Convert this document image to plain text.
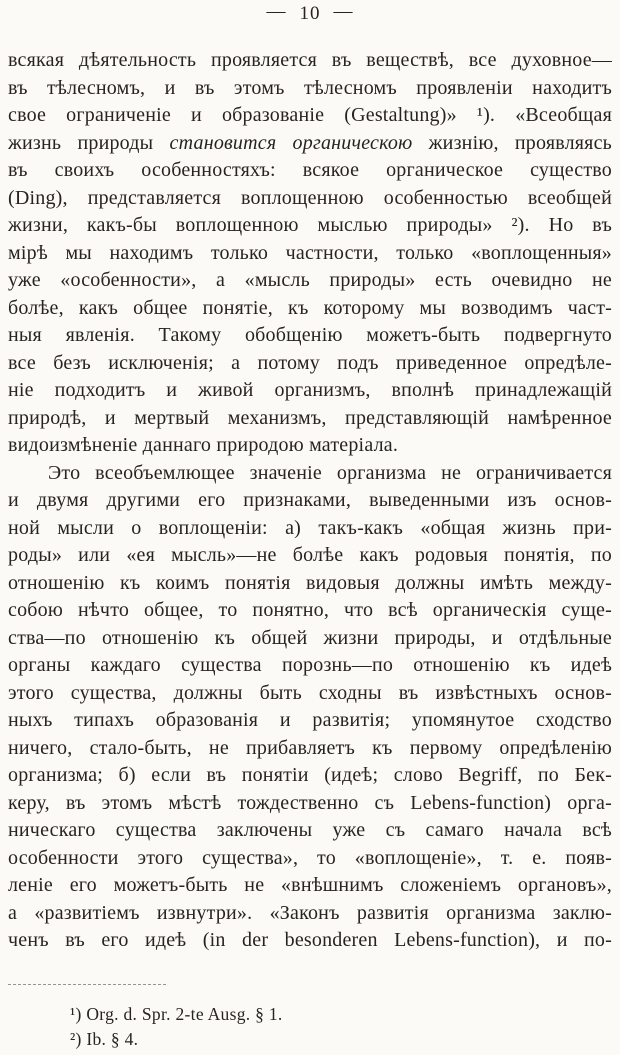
— 10 —
всякая дѣятельность проявляется въ веществѣ, все духовное—
въ тѣлесномъ, и въ этомъ тѣлесномъ проявленіи находитъ
свое ограниченіе и образованіе (Gestaltung)» ¹). «Всеобщая
жизнь природы становится органическою жизнію, проявляясь
въ своихъ особенностяхъ: всякое органическое существо
(Ding), представляется воплощенною особенностью всеобщей
жизни, какъ-бы воплощенною мыслью природы» ²). Но въ
мірѣ мы находимъ только частности, только «воплощенныя»
уже «особенности», а «мысль природы» есть очевидно не
болѣе, какъ общее понятіе, къ которому мы возводимъ част-
ныя явленія. Такому обобщенію можетъ-быть подвергнуто
все безъ исключенія; а потому подъ приведенное опредѣле-
ніе подходитъ и живой организмъ, вполнѣ принадлежащій
природѣ, и мертвый механизмъ, представляющій намѣренное
видоизмѣненіе даннаго природою матеріала.
Это всеобъемлющее значеніе организма не ограничивается
и двумя другими его признаками, выведенными изъ основ-
ной мысли о воплощеніи: а) такъ-какъ «общая жизнь при-
роды» или «ея мысль»—не болѣе какъ родовыя понятія, по
отношенію къ коимъ понятія видовыя должны имѣть между-
собою нѣчто общее, то понятно, что всѣ органическія суще-
ства—по отношенію къ общей жизни природы, и отдѣльные
органы каждаго существа порознь—по отношенію къ идеѣ
этого существа, должны быть сходны въ извѣстныхъ основ-
ныхъ типахъ образованія и развитія; упомянутое сходство
ничего, стало-быть, не прибавляетъ къ первому опредѣленію
организма; б) если въ понятіи (идеѣ; слово Begriff, по Бек-
керу, въ этомъ мѣстѣ тождественно съ Lebens-function) орга-
ническаго существа заключены уже съ самаго начала всѣ
особенности этого существа», то «воплощеніе», т. е. появ-
леніе его можетъ-быть не «внѣшнимъ сложеніемъ органовъ»,
а «развитіемъ извнутри». «Законъ развитія организма заклю-
ченъ въ его идеѣ (in der besonderen Lebens-function), и по-
¹) Org. d. Spr. 2-te Ausg. § 1.
²) Ib. § 4.
